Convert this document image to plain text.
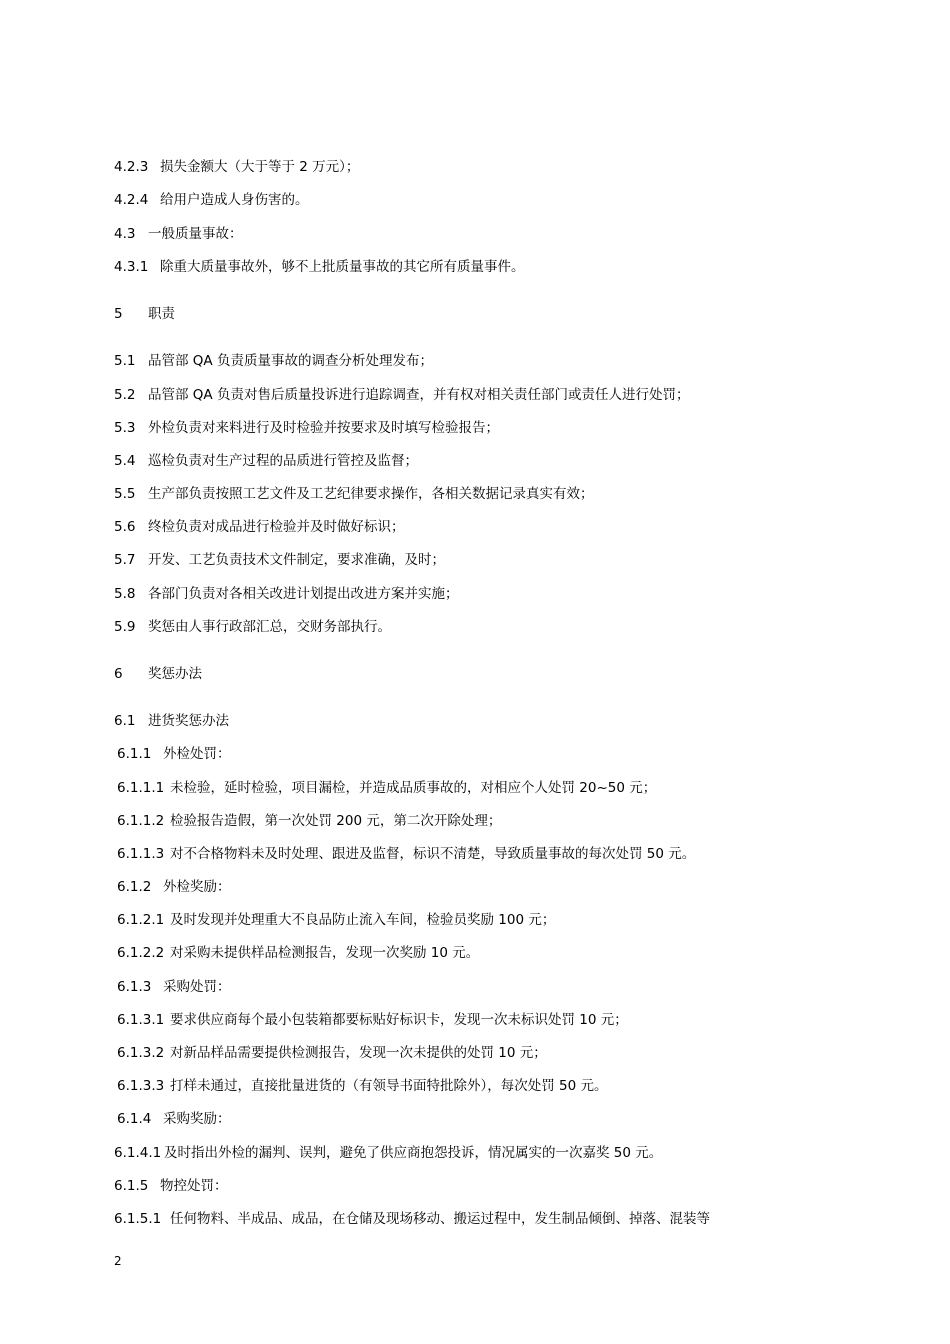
4.2.3 损失金额大（大于等于 2 万元）；
4.2.4 给用户造成人身伤害的。
4.3 一般质量事故：
4.3.1 除重大质量事故外，够不上批质量事故的其它所有质量事件。
5 职责
5.1 品管部 QA 负责质量事故的调查分析处理发布；
5.2 品管部 QA 负责对售后质量投诉进行追踪调查，并有权对相关责任部门或责任人进行处罚；
5.3 外检负责对来料进行及时检验并按要求及时填写检验报告；
5.4 巡检负责对生产过程的品质进行管控及监督；
5.5 生产部负责按照工艺文件及工艺纪律要求操作，各相关数据记录真实有效；
5.6 终检负责对成品进行检验并及时做好标识；
5.7 开发、工艺负责技术文件制定，要求准确，及时；
5.8 各部门负责对各相关改进计划提出改进方案并实施；
5.9 奖惩由人事行政部汇总，交财务部执行。
6 奖惩办法
6.1 进货奖惩办法
6.1.1 外检处罚：
6.1.1.1 未检验，延时检验，项目漏检，并造成品质事故的，对相应个人处罚 20~50 元；
6.1.1.2 检验报告造假，第一次处罚 200 元，第二次开除处理；
6.1.1.3 对不合格物料未及时处理、跟进及监督，标识不清楚，导致质量事故的每次处罚 50 元。
6.1.2 外检奖励：
6.1.2.1 及时发现并处理重大不良品防止流入车间，检验员奖励 100 元；
6.1.2.2 对采购未提供样品检测报告，发现一次奖励 10 元。
6.1.3 采购处罚：
6.1.3.1 要求供应商每个最小包装箱都要标贴好标识卡，发现一次未标识处罚 10 元；
6.1.3.2 对新品样品需要提供检测报告，发现一次未提供的处罚 10 元；
6.1.3.3 打样未通过，直接批量进货的（有领导书面特批除外），每次处罚 50 元。
6.1.4 采购奖励：
6.1.4.1 及时指出外检的漏判、误判，避免了供应商抱怨投诉，情况属实的一次嘉奖 50 元。
6.1.5 物控处罚：
6.1.5.1 任何物料、半成品、成品，在仓储及现场移动、搬运过程中，发生制品倾倒、掉落、混装等
2
